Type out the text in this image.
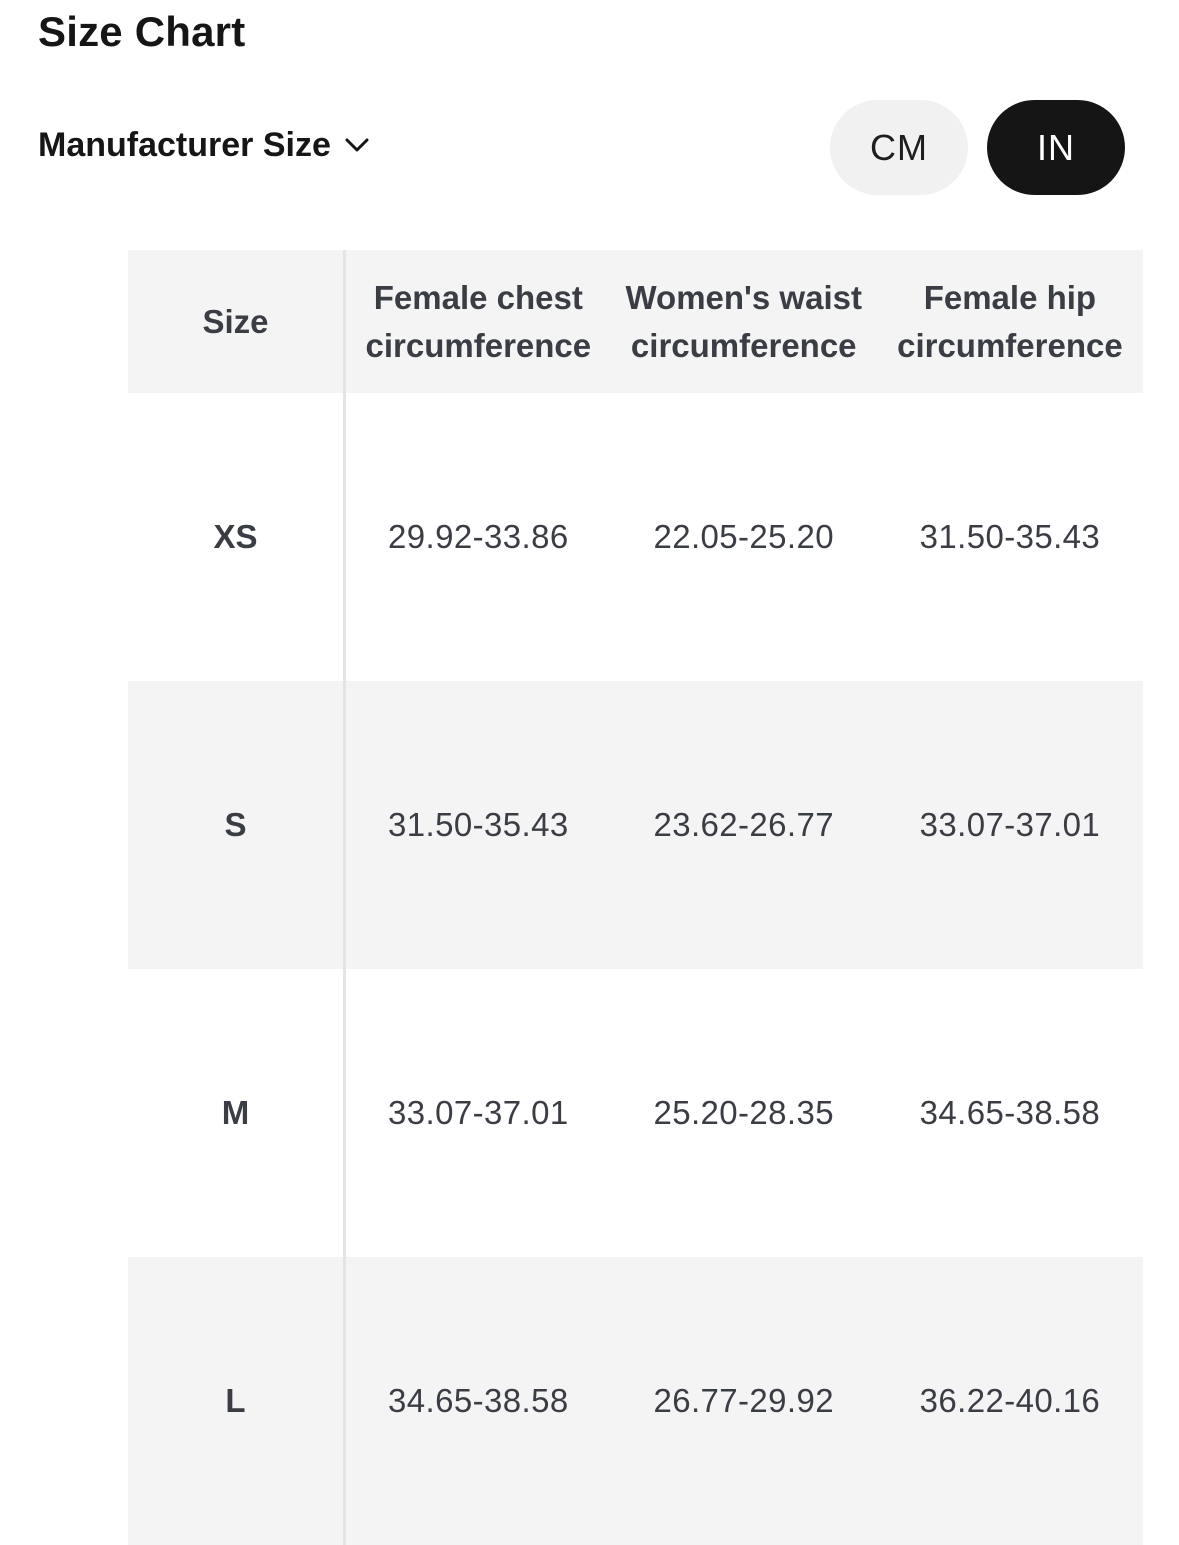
Size Chart
Manufacturer Size	CM	IN
Size	Female chest circumference	Women's waist circumference	Female hip circumference
XS	29.92-33.86	22.05-25.20	31.50-35.43
S	31.50-35.43	23.62-26.77	33.07-37.01
M	33.07-37.01	25.20-28.35	34.65-38.58
L	34.65-38.58	26.77-29.92	36.22-40.16
